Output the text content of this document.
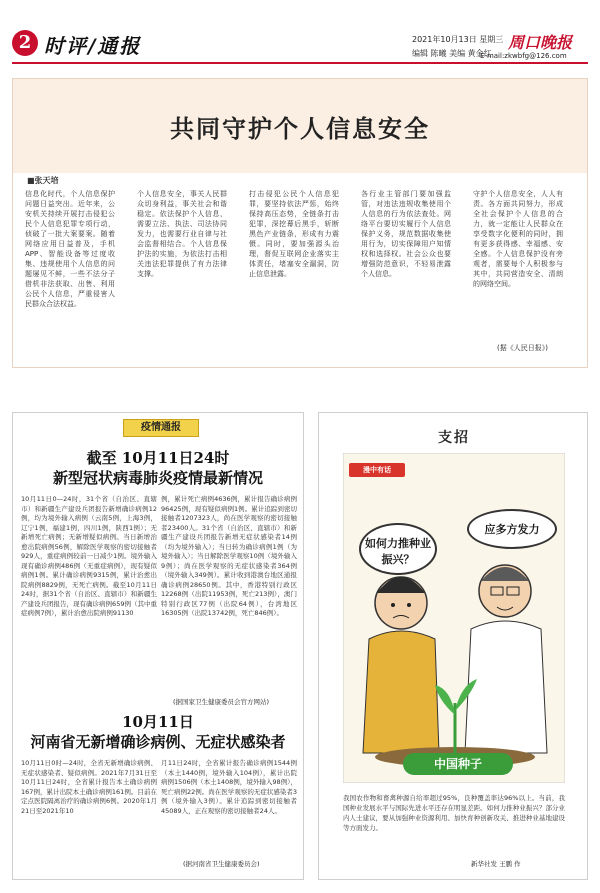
2 时评/通报	2021年10月13日 星期三
编辑 陈曦 美编 黄金红
周口晚报
E-mail:zkwbfg@126.com
共同守护个人信息安全
■张天培
信息化时代，个人信息保护问题日益突出。近年来，公安机关持续开展打击侵犯公民个人信息犯罪专项行动，侦破了一批大案要案。随着网络应用日益普及，手机APP、智能设备等过度收集、违规使用个人信息的问题屡见不鲜，一些不法分子借机非法获取、出售、利用公民个人信息，严重侵害人民群众合法权益。
个人信息安全，事关人民群众切身利益，事关社会和谐稳定。依法保护个人信息，需要立法、执法、司法协同发力，也需要行业自律与社会监督相结合。个人信息保护法的实施，为依法打击相关违法犯罪提供了有力法律支撑。
打击侵犯公民个人信息犯罪，要坚持依法严惩，始终保持高压态势，全链条打击犯罪，深挖幕后黑手，斩断黑色产业链条，形成有力震慑。同时，要加强源头治理，督促互联网企业落实主体责任，堵塞安全漏洞，防止信息泄露。
各行业主管部门要加强监管，对违法违规收集使用个人信息的行为依法查处。网络平台要切实履行个人信息保护义务，规范数据收集使用行为，切实保障用户知情权和选择权。社会公众也要增强防范意识，不轻易泄露个人信息。
守护个人信息安全，人人有责。各方面共同努力，形成全社会保护个人信息的合力，就一定能让人民群众在享受数字化便利的同时，拥有更多获得感、幸福感、安全感。个人信息保护没有旁观者，需要每个人积极参与其中，共同营造安全、清朗的网络空间。
(据《人民日报》)
疫情通报
截至 10月11日24时
新型冠状病毒肺炎疫情最新情况
10月11日0—24时，31个省（自治区、直辖市）和新疆生产建设兵团报告新增确诊病例12例，均为境外输入病例（云南5例，上海3例，辽宁1例，福建1例，四川1例，陕西1例）；无新增死亡病例；无新增疑似病例。当日新增治愈出院病例56例，解除医学观察的密切接触者929人，重症病例较前一日减少1例。境外输入现有确诊病例486例（无重症病例），现有疑似病例1例。累计确诊病例9315例，累计治愈出院病例8829例，无死亡病例。截至10月11日24时，据31个省（自治区、直辖市）和新疆生产建设兵团报告，现有确诊病例659例（其中重症病例7例），累计治愈出院病例91130
例，累计死亡病例4636例，累计报告确诊病例96425例，现有疑似病例1例。累计追踪到密切接触者1207323人，尚在医学观察的密切接触者23400人。31个省（自治区、直辖市）和新疆生产建设兵团报告新增无症状感染者14例（均为境外输入）；当日转为确诊病例1例（为境外输入）；当日解除医学观察10例（境外输入9例）；尚在医学观察的无症状感染者364例（境外输入349例）。累计收到港澳台地区通报确诊病例28650例。其中，香港特别行政区12268例（出院11953例，死亡213例），澳门特别行政区77例（出院64例），台湾地区16305例（出院13742例，死亡846例）。
(据国家卫生健康委员会官方网站)
10月11日
河南省无新增确诊病例、无症状感染者
10月11日0时—24时，全省无新增确诊病例、无症状感染者、疑似病例。2021年7月31日至10月11日24时，全省累计报告本土确诊病例167例，累计出院本土确诊病例161例。目前在定点医院隔离治疗的确诊病例6例。2020年1月21日至2021年10
月11日24时，全省累计报告确诊病例1544例（本土1440例，境外输入104例），累计出院病例1506例（本土1408例，境外输入98例），死亡病例22例。尚在医学观察的无症状感染者3例（境外输入3例）。累计追踪到密切接触者45089人，正在观察的密切接触者24人。
(据河南省卫生健康委员会)
支招
漫中有话
如何力推种业振兴？
应多方发力
中国种子
我国农作物和畜禽种源自给率超过95%，良种覆盖率达96%以上。当前，我国种业发展水平与国际先进水平还存在明显差距。如何力推种业振兴？部分业内人士建议，要从加强种业资源利用、加快育种创新攻关、推进种业基地建设等方面发力。
新华社发 王鹏 作
